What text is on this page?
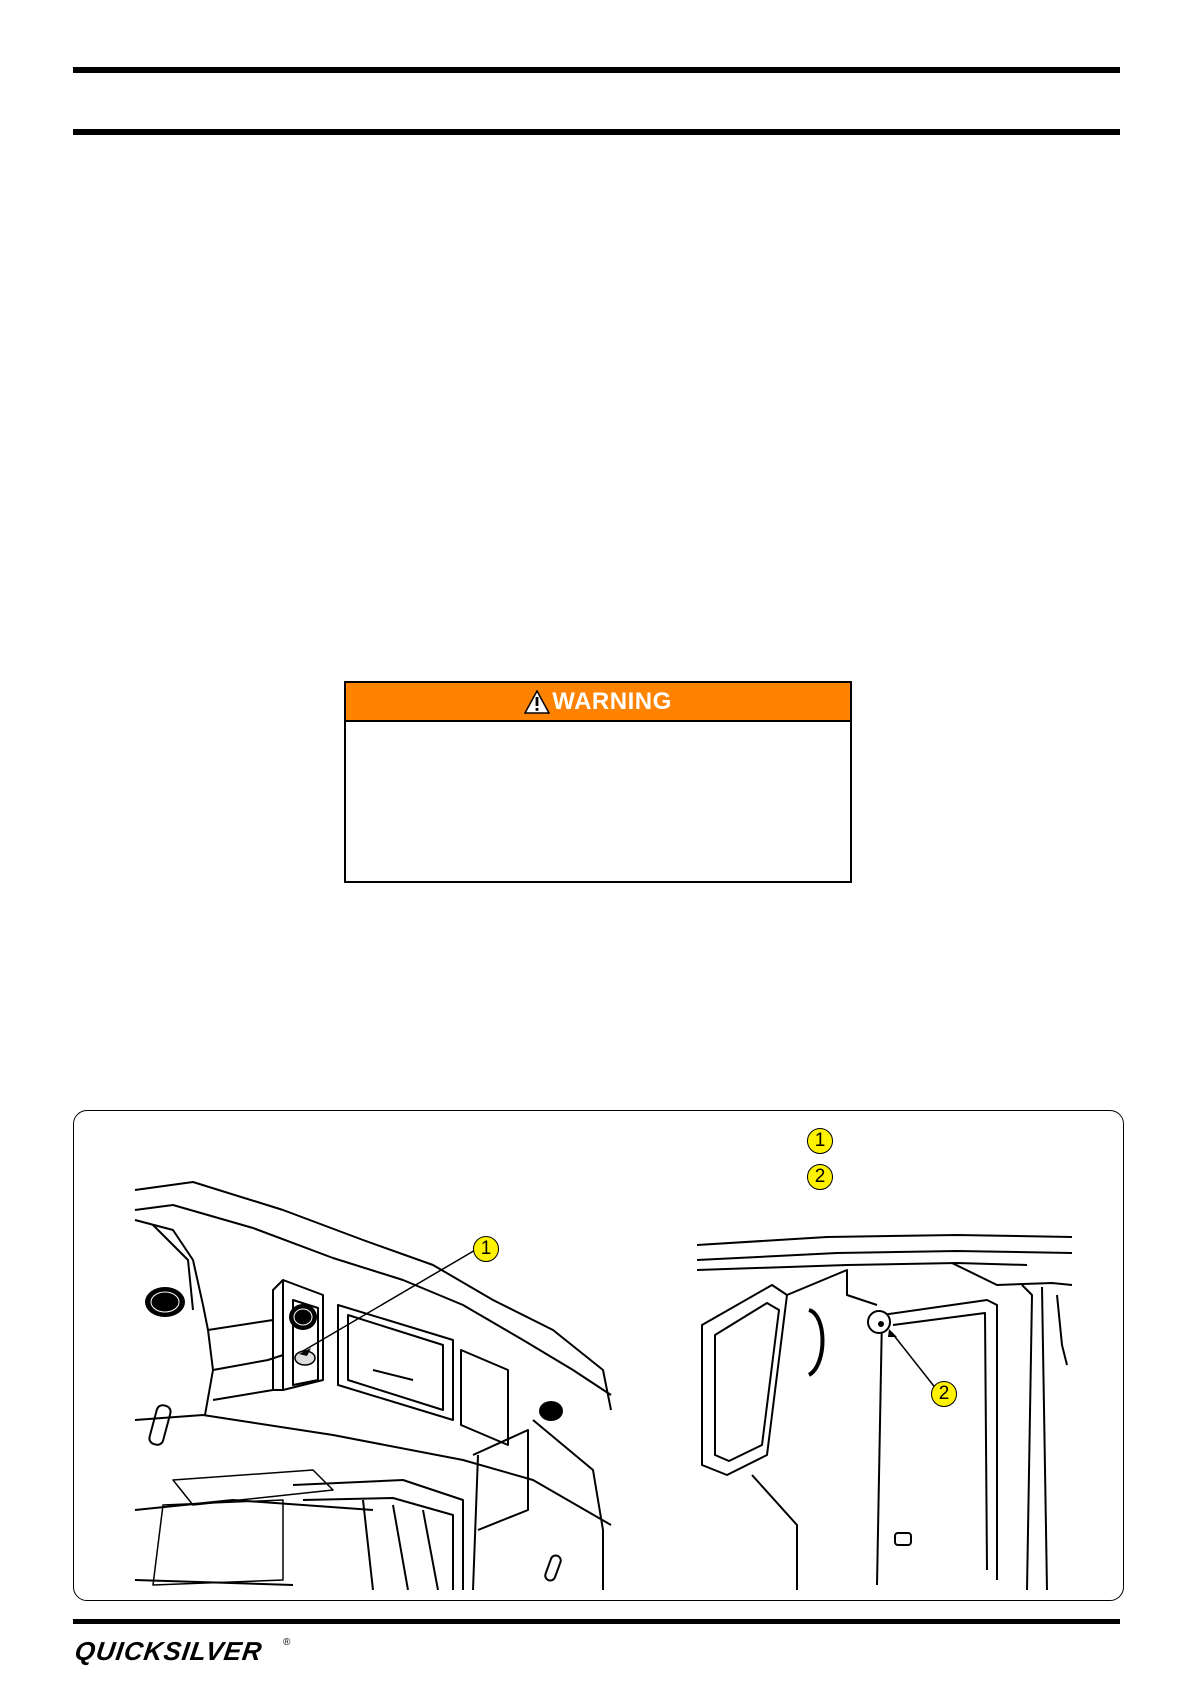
WARNING
1
2
1
2
QUICKSILVER ®
